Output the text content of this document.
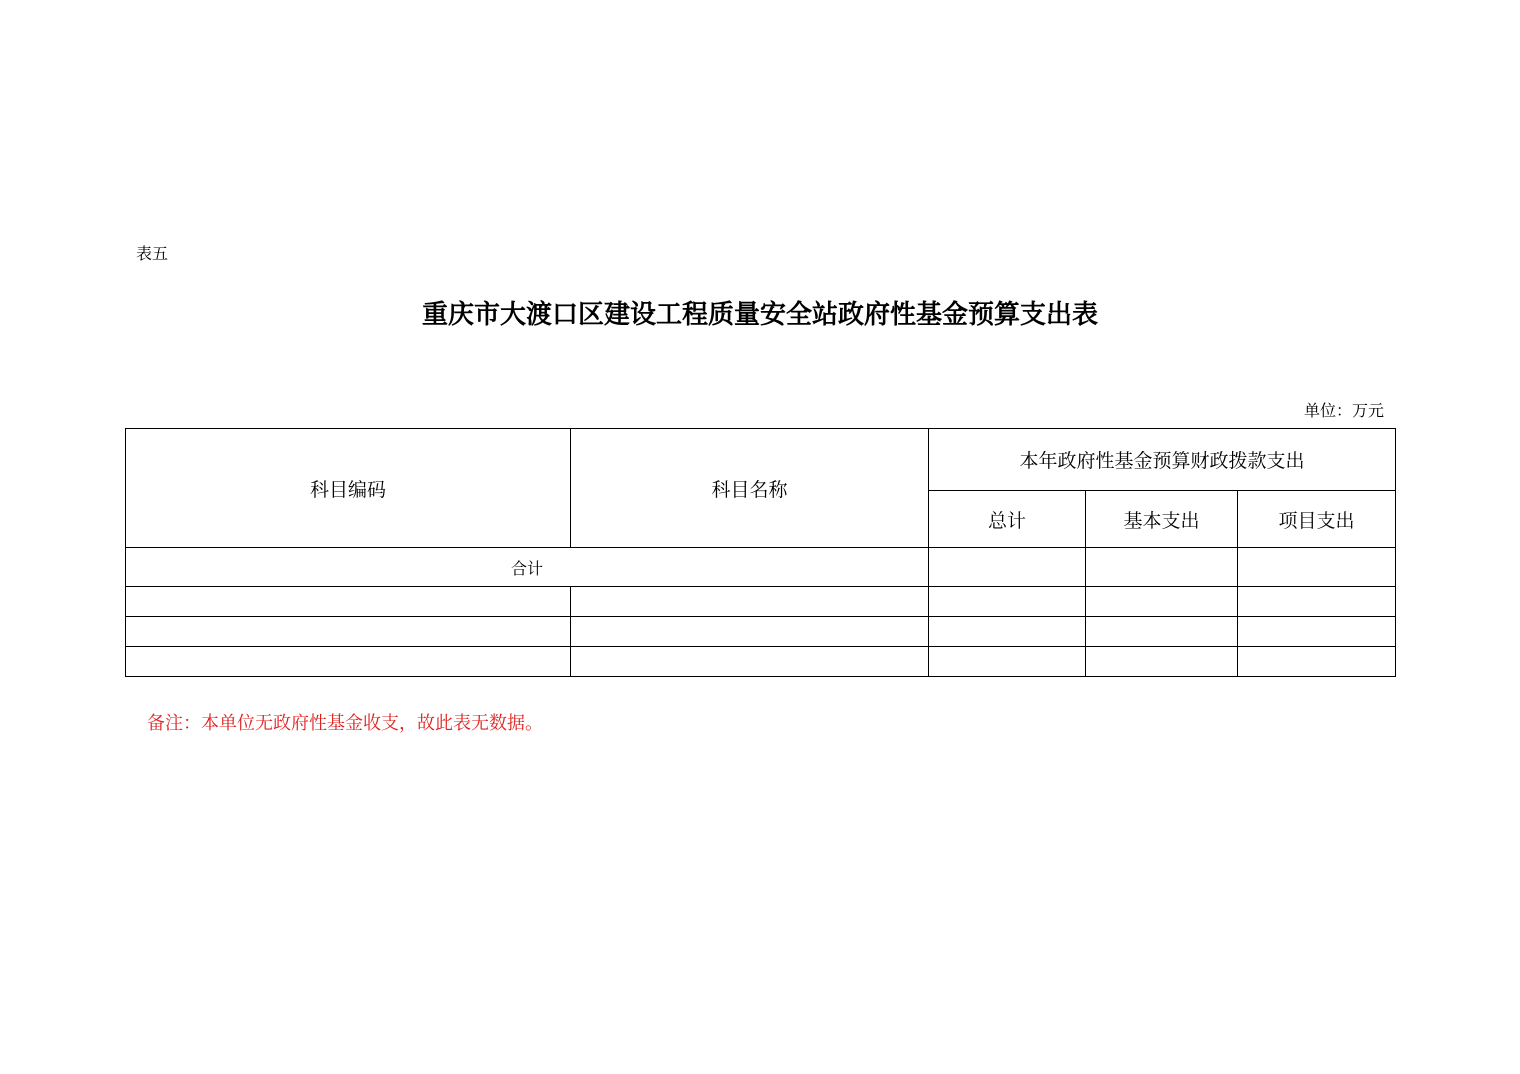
表五
重庆市大渡口区建设工程质量安全站政府性基金预算支出表
单位：万元
科目编码	科目名称	本年政府性基金预算财政拨款支出		
		总计	基本支出	项目支出
合计				

备注：本单位无政府性基金收支，故此表无数据。
